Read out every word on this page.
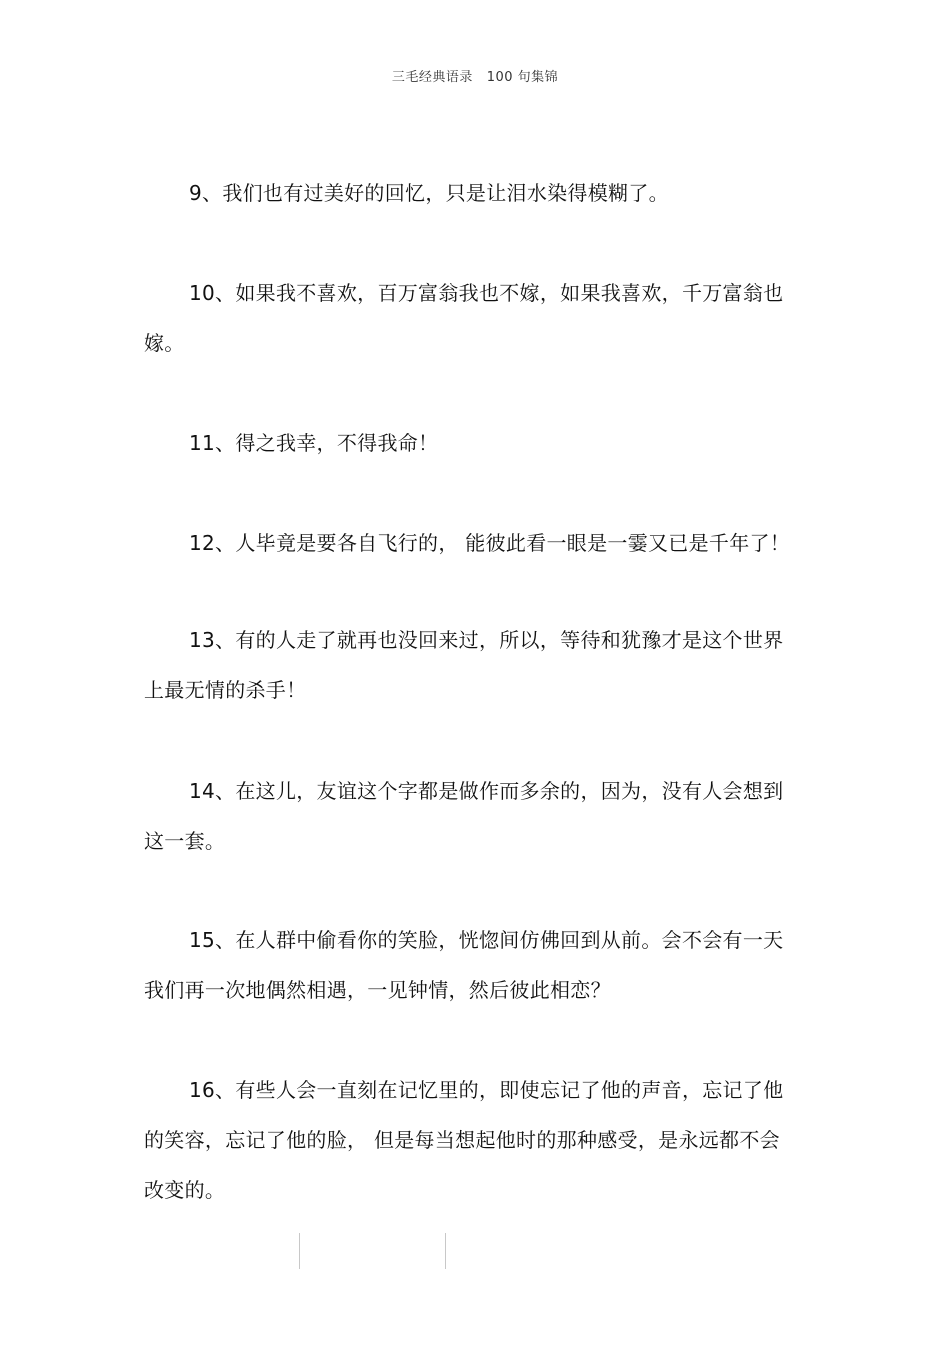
三毛经典语录   100 句集锦

9、我们也有过美好的回忆，只是让泪水染得模糊了。

10、如果我不喜欢，百万富翁我也不嫁，如果我喜欢，千万富翁也嫁。

11、得之我幸，不得我命！

12、人毕竟是要各自飞行的， 能彼此看一眼是一霎又已是千年了！

13、有的人走了就再也没回来过，所以，等待和犹豫才是这个世界上最无情的杀手！

14、在这儿，友谊这个字都是做作而多余的，因为，没有人会想到这一套。

15、在人群中偷看你的笑脸，恍惚间仿佛回到从前。会不会有一天我们再一次地偶然相遇，一见钟情，然后彼此相恋？

16、有些人会一直刻在记忆里的，即使忘记了他的声音，忘记了他的笑容，忘记了他的脸， 但是每当想起他时的那种感受，是永远都不会改变的。
